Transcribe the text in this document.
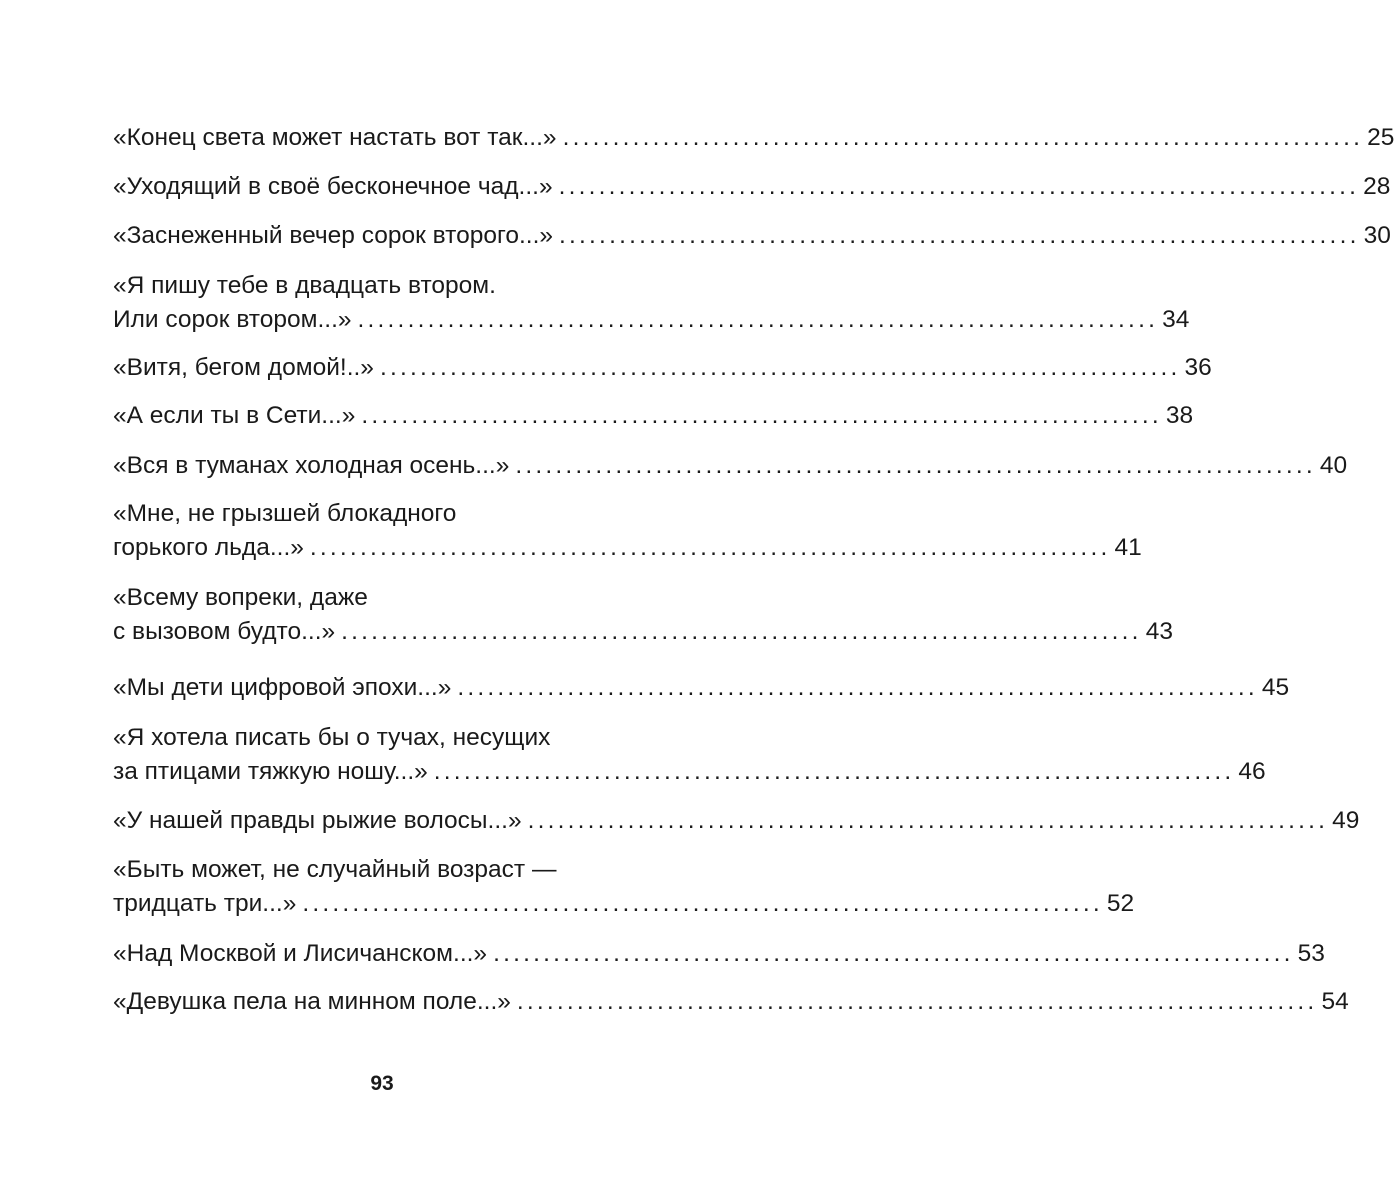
«Конец света может настать вот так...» ................................................................................ 25
«Уходящий в своё бесконечное чад...» ................................................................................ 28
«Заснеженный вечер сорок второго...» ................................................................................ 30
«Я пишу тебе в двадцать втором.
Или сорок втором...» ................................................................................ 34
«Витя, бегом домой!..» ................................................................................ 36
«А если ты в Сети...» ................................................................................ 38
«Вся в туманах холодная осень...» ................................................................................ 40
«Мне, не грызшей блокадного
горького льда...» ................................................................................ 41
«Всему вопреки, даже
с вызовом будто...» ................................................................................ 43
«Мы дети цифровой эпохи...» ................................................................................ 45
«Я хотела писать бы о тучах, несущих
за птицами тяжкую ношу...» ................................................................................ 46
«У нашей правды рыжие волосы...» ................................................................................ 49
«Быть может, не случайный возраст —
тридцать три...» ................................................................................ 52
«Над Москвой и Лисичанском...» ................................................................................ 53
«Девушка пела на минном поле...» ................................................................................ 54
93
